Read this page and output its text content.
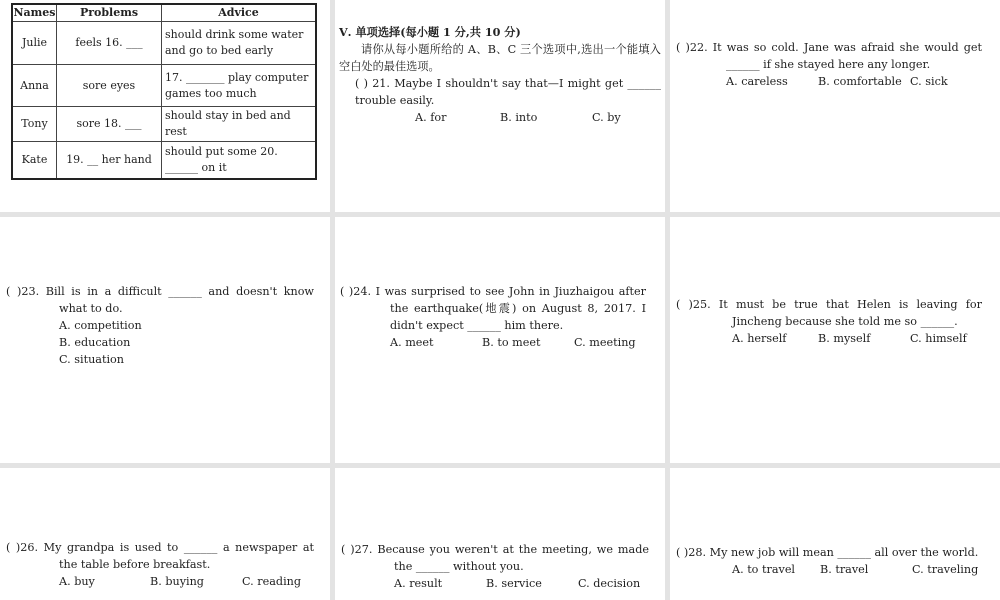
Names	Problems	Advice
Julie	feels 16. ___	should drink some water and go to bed early
Anna	sore eyes	17. _______ play computer games too much
Tony	sore 18. ___	should stay in bed and rest
Kate	19. __ her hand	should put some 20. ______ on it
Ⅴ. 单项选择(每小题 1 分,共 10 分)
请你从每小题所给的 A、B、C 三个选项中,选出一个能填入空白处的最佳选项。
( ) 21. Maybe I shouldn't say that—I might get ______ trouble easily.
A. for	B. into	C. by
( )22. It was so cold. Jane was afraid she would get ______ if she stayed here any longer.
A. careless	B. comfortable C. sick
( )23. Bill is in a difficult ______ and doesn't know what to do.
A. competition
B. education
C. situation
( )24. I was surprised to see John in Jiuzhaigou after the earthquake(地震) on August 8, 2017. I didn't expect ______ him there.
A. meet	B. to meet	C. meeting
( )25. It must be true that Helen is leaving for Jincheng because she told me so ______.
A. herself	B. myself	C. himself
( )26. My grandpa is used to ______ a newspaper at the table before breakfast.
A. buy	B. buying	C. reading
( )27. Because you weren't at the meeting, we made the ______ without you.
A. result	B. service	C. decision
( )28. My new job will mean ______ all over the world.
A. to travel	B. travel	C. traveling
